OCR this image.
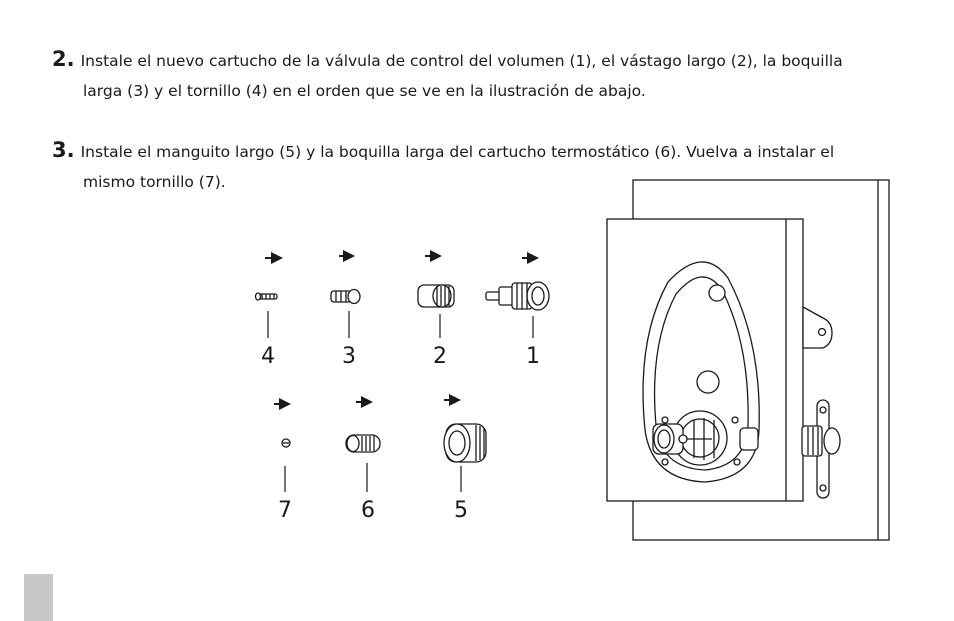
2. Instale el nuevo cartucho de la válvula de control del volumen (1), el vástago largo (2), la boquilla
larga (3) y el tornillo (4) en el orden que se ve en la ilustración de abajo.
3. Instale el manguito largo (5) y la boquilla larga del cartucho termostático (6). Vuelva a instalar el
mismo tornillo (7).
4	3	2	1
7	6	5
